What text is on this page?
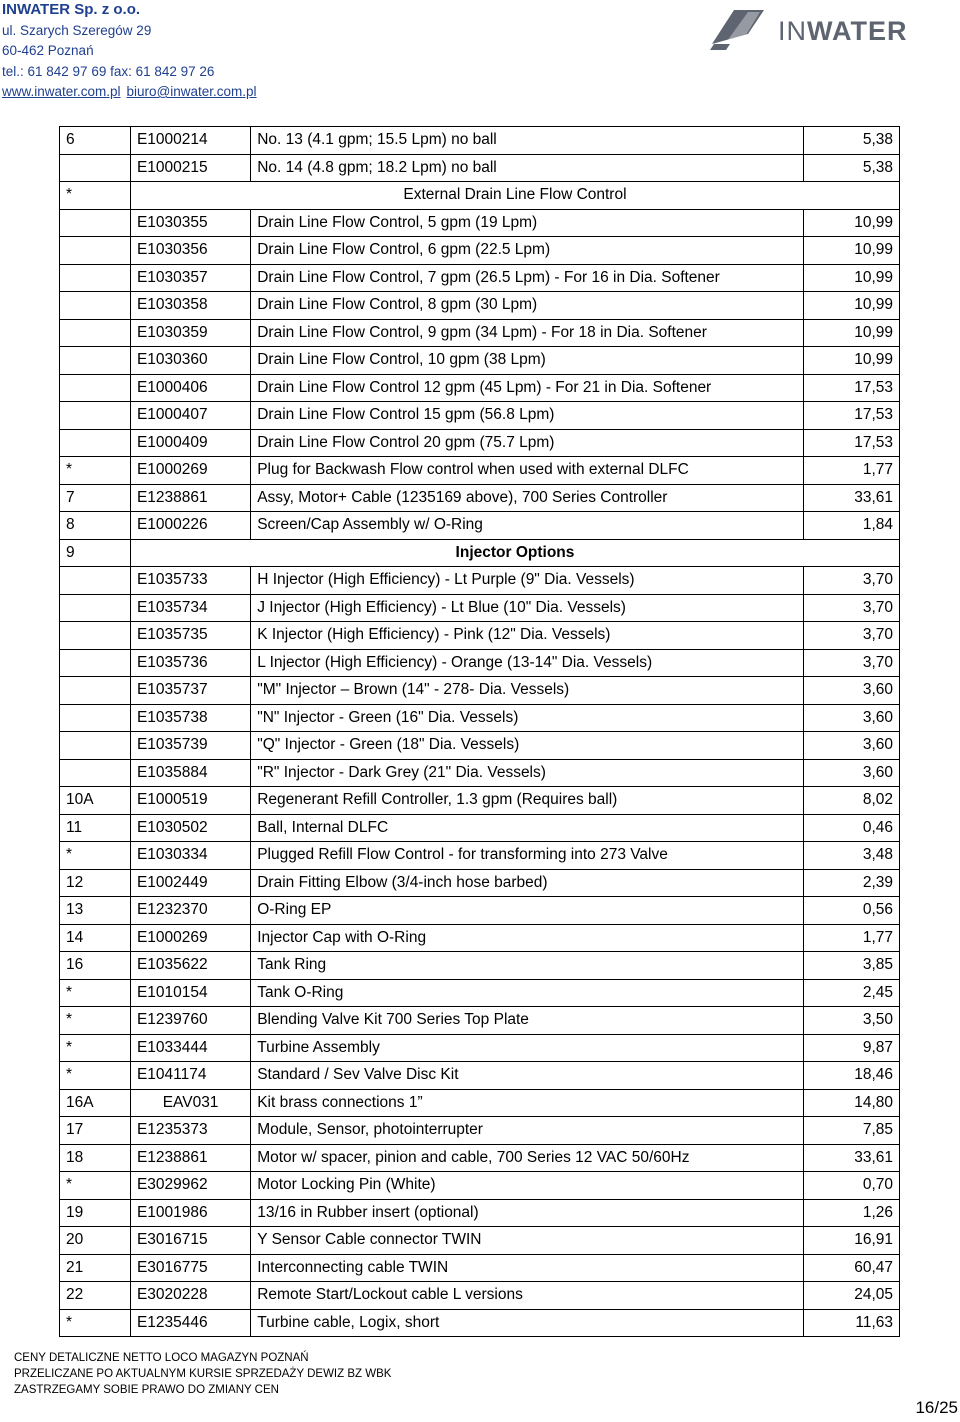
INWATER Sp. z o.o.
ul. Szarych Szeregów 29
60-462 Poznań
tel.: 61 842 97 69 fax: 61 842 97 26
www.inwater.com.pl biuro@inwater.com.pl
INWATER
6	E1000214	No. 13 (4.1 gpm; 15.5 Lpm) no ball	5,38
	E1000215	No. 14 (4.8 gpm; 18.2 Lpm) no ball	5,38
*	External Drain Line Flow Control		
	E1030355	Drain Line Flow Control, 5 gpm (19 Lpm)	10,99
	E1030356	Drain Line Flow Control, 6 gpm (22.5 Lpm)	10,99
	E1030357	Drain Line Flow Control, 7 gpm (26.5 Lpm) - For 16 in Dia. Softener	10,99
	E1030358	Drain Line Flow Control, 8 gpm (30 Lpm)	10,99
	E1030359	Drain Line Flow Control, 9 gpm (34 Lpm) - For 18 in Dia. Softener	10,99
	E1030360	Drain Line Flow Control, 10 gpm (38 Lpm)	10,99
	E1000406	Drain Line Flow Control 12 gpm (45 Lpm) - For 21 in Dia. Softener	17,53
	E1000407	Drain Line Flow Control 15 gpm (56.8 Lpm)	17,53
	E1000409	Drain Line Flow Control 20 gpm (75.7 Lpm)	17,53
*	E1000269	Plug for Backwash Flow control when used with external DLFC	1,77
7	E1238861	Assy, Motor+ Cable (1235169 above), 700 Series Controller	33,61
8	E1000226	Screen/Cap Assembly w/ O-Ring	1,84
9	Injector Options		
	E1035733	H Injector (High Efficiency) - Lt Purple (9" Dia. Vessels)	3,70
	E1035734	J Injector (High Efficiency) - Lt Blue (10" Dia. Vessels)	3,70
	E1035735	K Injector (High Efficiency) - Pink (12" Dia. Vessels)	3,70
	E1035736	L Injector (High Efficiency) - Orange (13-14" Dia. Vessels)	3,70
	E1035737	"M" Injector – Brown (14" - 278- Dia. Vessels)	3,60
	E1035738	"N" Injector - Green (16" Dia. Vessels)	3,60
	E1035739	"Q" Injector - Green (18" Dia. Vessels)	3,60
	E1035884	"R" Injector - Dark Grey (21" Dia. Vessels)	3,60
10A	E1000519	Regenerant Refill Controller, 1.3 gpm (Requires ball)	8,02
11	E1030502	Ball, Internal DLFC	0,46
*	E1030334	Plugged Refill Flow Control - for transforming into 273 Valve	3,48
12	E1002449	Drain Fitting Elbow (3/4-inch hose barbed)	2,39
13	E1232370	O-Ring EP	0,56
14	E1000269	Injector Cap with O-Ring	1,77
16	E1035622	Tank Ring	3,85
*	E1010154	Tank O-Ring	2,45
*	E1239760	Blending Valve Kit 700 Series Top Plate	3,50
*	E1033444	Turbine Assembly	9,87
*	E1041174	Standard / Sev Valve Disc Kit	18,46
16A	EAV031	Kit brass connections 1”	14,80
17	E1235373	Module, Sensor, photointerrupter	7,85
18	E1238861	Motor w/ spacer, pinion and cable, 700 Series 12 VAC 50/60Hz	33,61
*	E3029962	Motor Locking Pin (White)	0,70
19	E1001986	13/16 in Rubber insert (optional)	1,26
20	E3016715	Y Sensor Cable connector TWIN	16,91
21	E3016775	Interconnecting cable TWIN	60,47
22	E3020228	Remote Start/Lockout cable L versions	24,05
*	E1235446	Turbine cable, Logix, short	11,63
CENY DETALICZNE NETTO LOCO MAGAZYN POZNAŃ
PRZELICZANE PO AKTUALNYM KURSIE SPRZEDAŻY DEWIZ BZ WBK
ZASTRZEGAMY SOBIE PRAWO DO ZMIANY CEN
16/25
